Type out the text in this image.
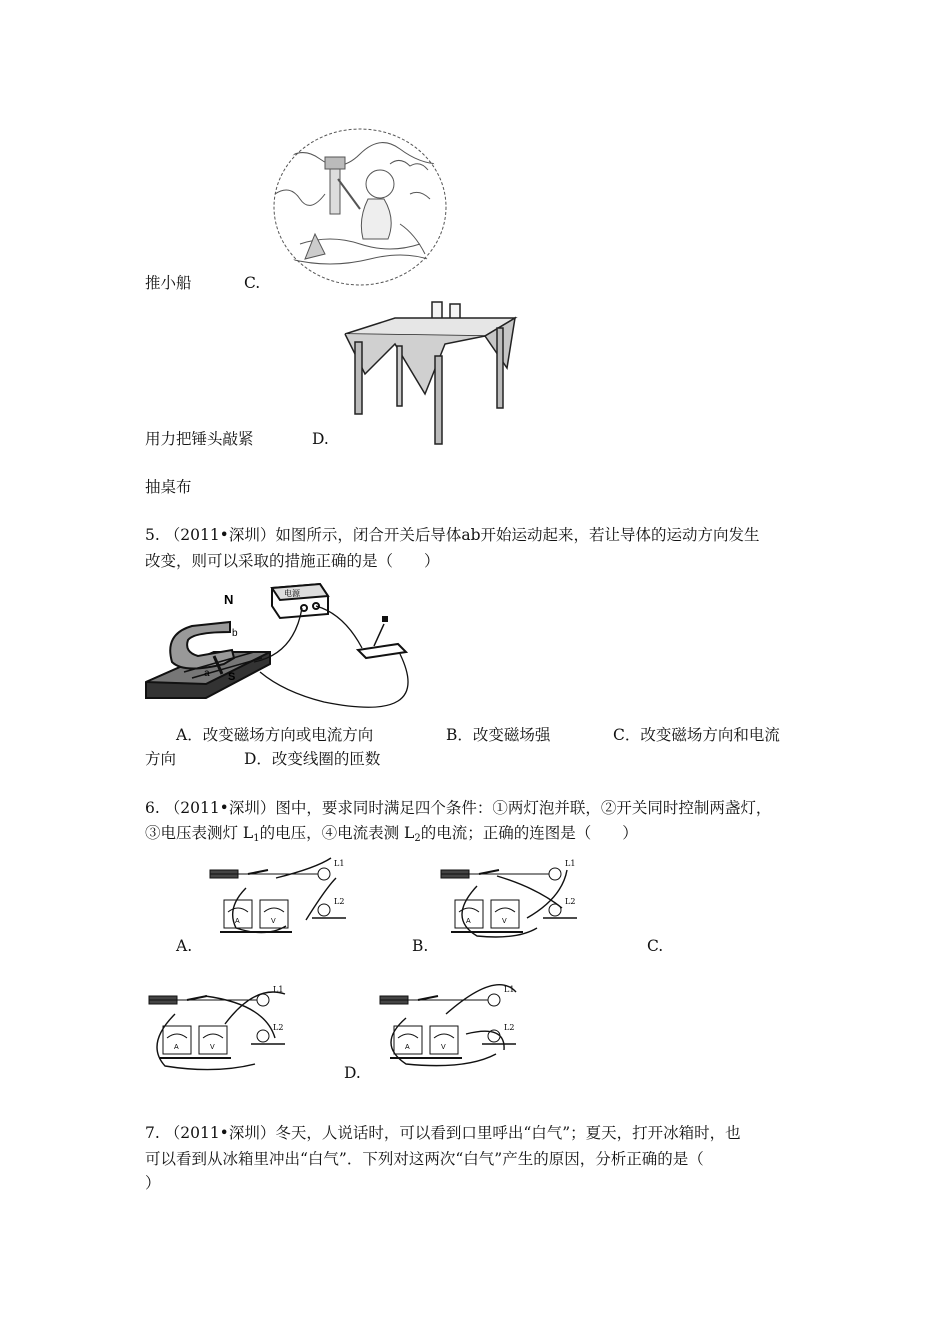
推小船	C.
用力把锤头敲紧	D.
抽桌布
5. （2011•深圳）如图所示，闭合开关后导体ab开始运动起来，若让导体的运动方向发生
改变，则可以采取的措施正确的是（　　）
N
S
a
b
电源
A．改变磁场方向或电流方向	B．改变磁场强	C．改变磁场方向和电流
方向	D．改变线圈的匝数
6. （2011•深圳）图中，要求同时满足四个条件：①两灯泡并联，②开关同时控制两盏灯，
③电压表测灯 $L_1$的电压，④电流表测 $L_2$的电流；正确的连图是（　　）
L1
L2
A	V
L1
L2
A	V
L1
L2
A	V
L1
L2
A	V
A.	B.	C.
D.
7. （2011•深圳）冬天，人说话时，可以看到口里呼出“白气”；夏天，打开冰箱时，也
可以看到从冰箱里冲出“白气”．下列对这两次“白气”产生的原因，分析正确的是（
）
